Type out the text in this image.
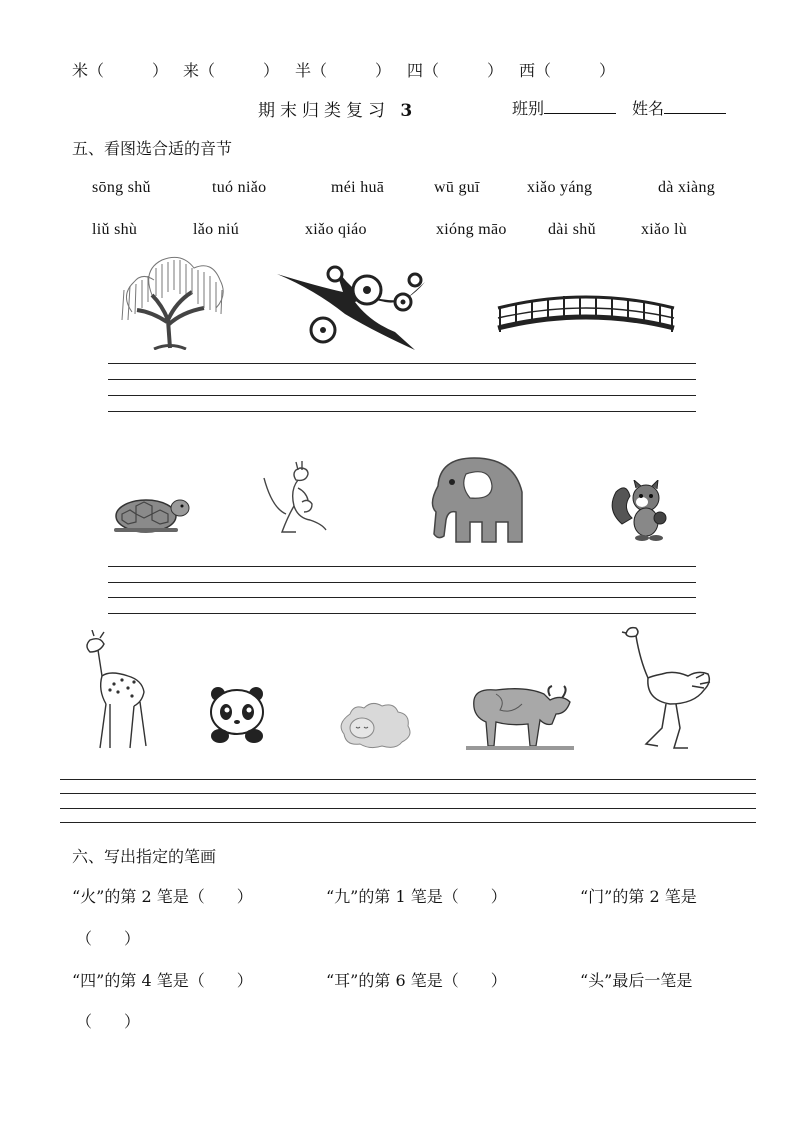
米（　　　） 来（　　　） 半（　　　） 四（　　　） 西（　　　）
期末归类复习 3	班别	姓名
五、看图选合适的音节
sōng shǔ	tuó niǎo	méi huā	wū guī	xiǎo yáng	dà xiàng
liǔ shù	lǎo niú	xiǎo qiáo	xióng māo	dài shǔ	xiǎo lù
六、写出指定的笔画
“火”的第 2 笔是（　　）	“九”的第 1 笔是（　　）	“门”的第 2 笔是
（　　）
“四”的第 4 笔是（　　）	“耳”的第 6 笔是（　　）	“头”最后一笔是
（　　）
